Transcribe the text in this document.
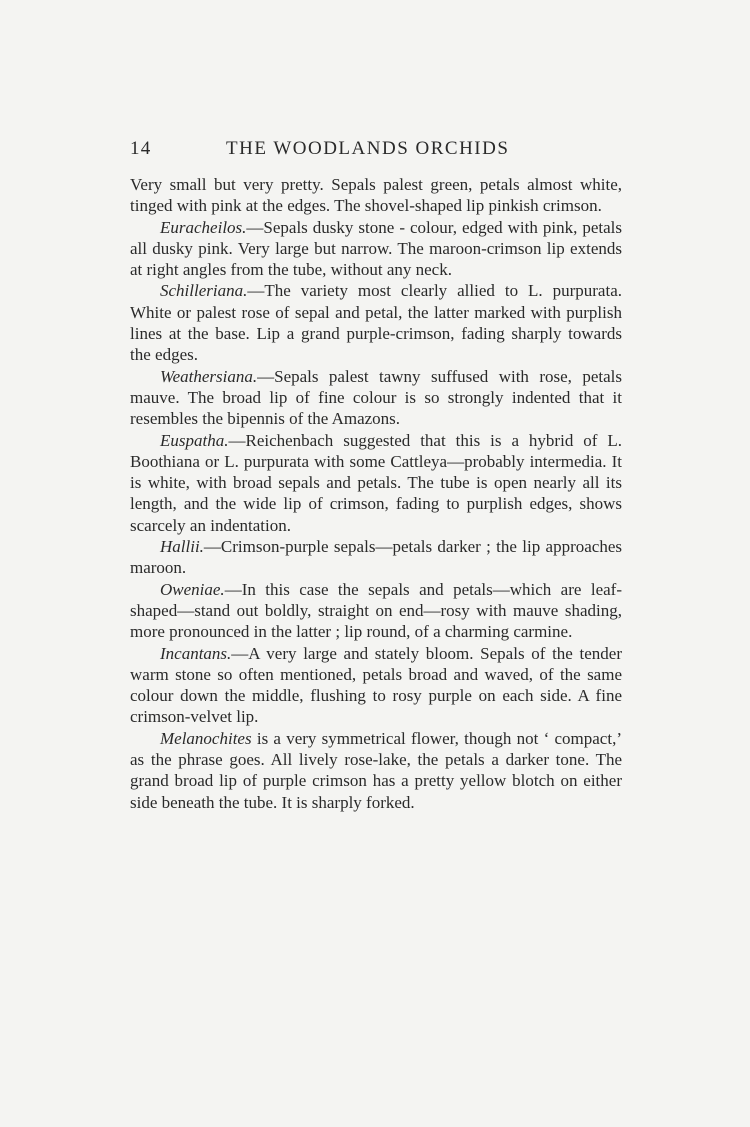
14	THE WOODLANDS ORCHIDS

Very small but very pretty. Sepals palest green, petals almost white, tinged with pink at the edges. The shovel-shaped lip pinkish crimson.

Euracheilos.—Sepals dusky stone - colour, edged with pink, petals all dusky pink. Very large but narrow. The maroon-crimson lip extends at right angles from the tube, without any neck.

Schilleriana.—The variety most clearly allied to L. purpurata. White or palest rose of sepal and petal, the latter marked with purplish lines at the base. Lip a grand purple-crimson, fading sharply towards the edges.

Weathersiana.—Sepals palest tawny suffused with rose, petals mauve. The broad lip of fine colour is so strongly indented that it resembles the bipennis of the Amazons.

Euspatha.—Reichenbach suggested that this is a hybrid of L. Boothiana or L. purpurata with some Cattleya—probably intermedia. It is white, with broad sepals and petals. The tube is open nearly all its length, and the wide lip of crimson, fading to purplish edges, shows scarcely an indentation.

Hallii.—Crimson-purple sepals—petals darker ; the lip approaches maroon.

Oweniae.—In this case the sepals and petals—which are leaf-shaped—stand out boldly, straight on end—rosy with mauve shading, more pronounced in the latter ; lip round, of a charming carmine.

Incantans.—A very large and stately bloom. Sepals of the tender warm stone so often mentioned, petals broad and waved, of the same colour down the middle, flushing to rosy purple on each side. A fine crimson-velvet lip.

Melanochites is a very symmetrical flower, though not ‘ compact,’ as the phrase goes. All lively rose-lake, the petals a darker tone. The grand broad lip of purple crimson has a pretty yellow blotch on either side beneath the tube. It is sharply forked.
